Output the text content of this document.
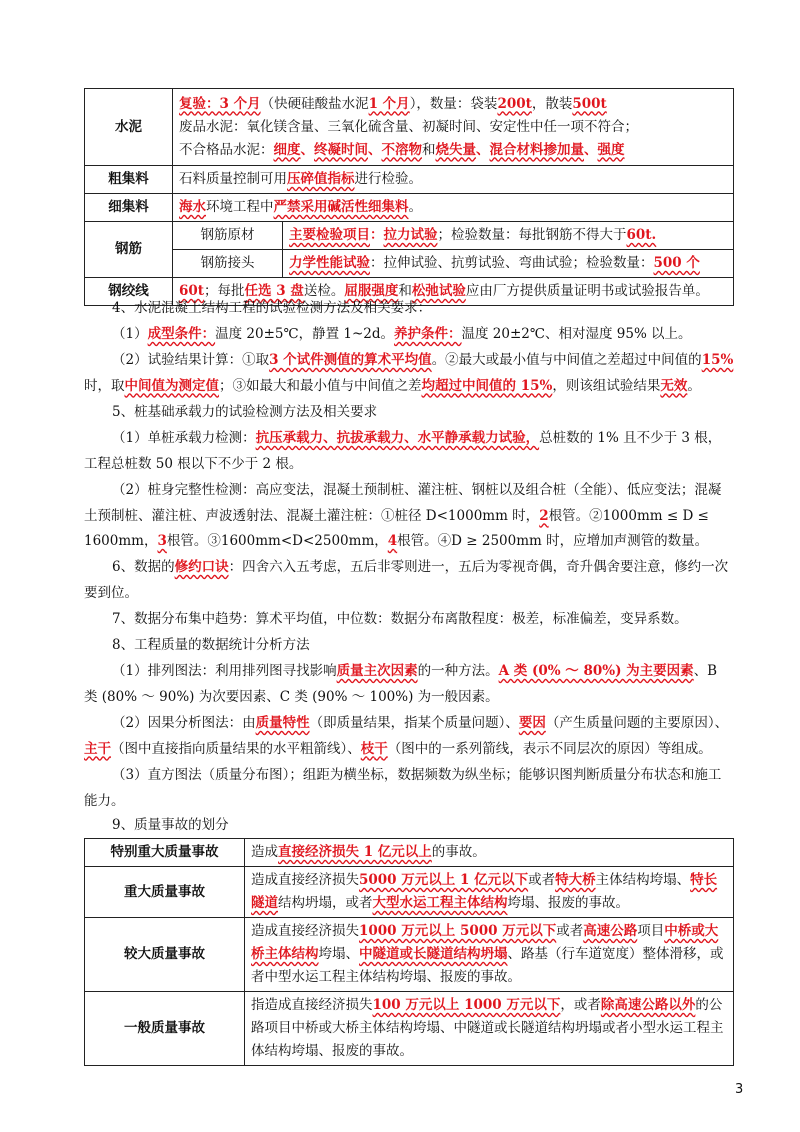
水泥	复验：3 个月（快硬硅酸盐水泥1 个月），数量：袋装200t，散装500t
废品水泥：氧化镁含量、三氧化硫含量、初凝时间、安定性中任一项不符合；
不合格品水泥：细度、终凝时间、不溶物和烧失量、混合材料掺加量、强度	

粗集料	石料质量控制可用压碎值指标进行检验。	
细集料	海水环境工程中严禁采用碱活性细集料。	
钢筋	钢筋原材	主要检验项目：拉力试验；检验数量：每批钢筋不得大于60t.
	钢筋接头	力学性能试验：拉伸试验、抗剪试验、弯曲试验；检验数量：500 个
钢绞线	60t；每批任选 3 盘送检。屈服强度和松弛试验应由厂方提供质量证明书或试验报告单。	
4、水泥混凝土结构工程的试验检测方法及相关要求：
（1）成型条件：温度 20±5℃，静置 1~2d。养护条件：温度 20±2℃、相对湿度 95% 以上。
（2）试验结果计算：①取3 个试件测值的算术平均值。②最大或最小值与中间值之差超过中间值的15%时，取中间值为测定值；③如最大和最小值与中间值之差均超过中间值的 15%，则该组试验结果无效。
5、桩基础承载力的试验检测方法及相关要求
（1）单桩承载力检测：抗压承载力、抗拔承载力、水平静承载力试验，总桩数的 1% 且不少于 3 根，工程总桩数 50 根以下不少于 2 根。
（2）桩身完整性检测：高应变法，混凝土预制桩、灌注桩、钢桩以及组合桩（全能）、低应变法；混凝土预制桩、灌注桩、声波透射法、混凝土灌注桩：①桩径 D<1000mm 时，2根管。②1000mm ≤ D ≤ 1600mm，3根管。③1600mm<D<2500mm，4根管。④D ≥ 2500mm 时，应增加声测管的数量。
6、数据的修约口诀：四舍六入五考虑，五后非零则进一，五后为零视奇偶，奇升偶舍要注意，修约一次要到位。
7、数据分布集中趋势：算术平均值，中位数：数据分布离散程度：极差，标准偏差，变异系数。
8、工程质量的数据统计分析方法
（1）排列图法：利用排列图寻找影响质量主次因素的一种方法。A 类 (0% ～ 80%) 为主要因素、B 类 (80% ～ 90%) 为次要因素、C 类 (90% ～ 100%) 为一般因素。
（2）因果分析图法：由质量特性（即质量结果，指某个质量问题）、要因（产生质量问题的主要原因）、主干（图中直接指向质量结果的水平粗箭线）、枝干（图中的一系列箭线，表示不同层次的原因）等组成。
（3）直方图法（质量分布图）；组距为横坐标，数据频数为纵坐标；能够识图判断质量分布状态和施工能力。
9、质量事故的划分
特别重大质量事故	造成直接经济损失 1 亿元以上的事故。
重大质量事故	造成直接经济损失5000 万元以上 1 亿元以下或者特大桥主体结构垮塌、特长隧道结构坍塌，或者大型水运工程主体结构垮塌、报废的事故。
较大质量事故	造成直接经济损失1000 万元以上 5000 万元以下或者高速公路项目中桥或大桥主体结构垮塌、中隧道或长隧道结构坍塌、路基（行车道宽度）整体滑移，或者中型水运工程主体结构垮塌、报废的事故。
一般质量事故	指造成直接经济损失100 万元以上 1000 万元以下，或者除高速公路以外的公路项目中桥或大桥主体结构垮塌、中隧道或长隧道结构坍塌或者小型水运工程主体结构垮塌、报废的事故。
3
